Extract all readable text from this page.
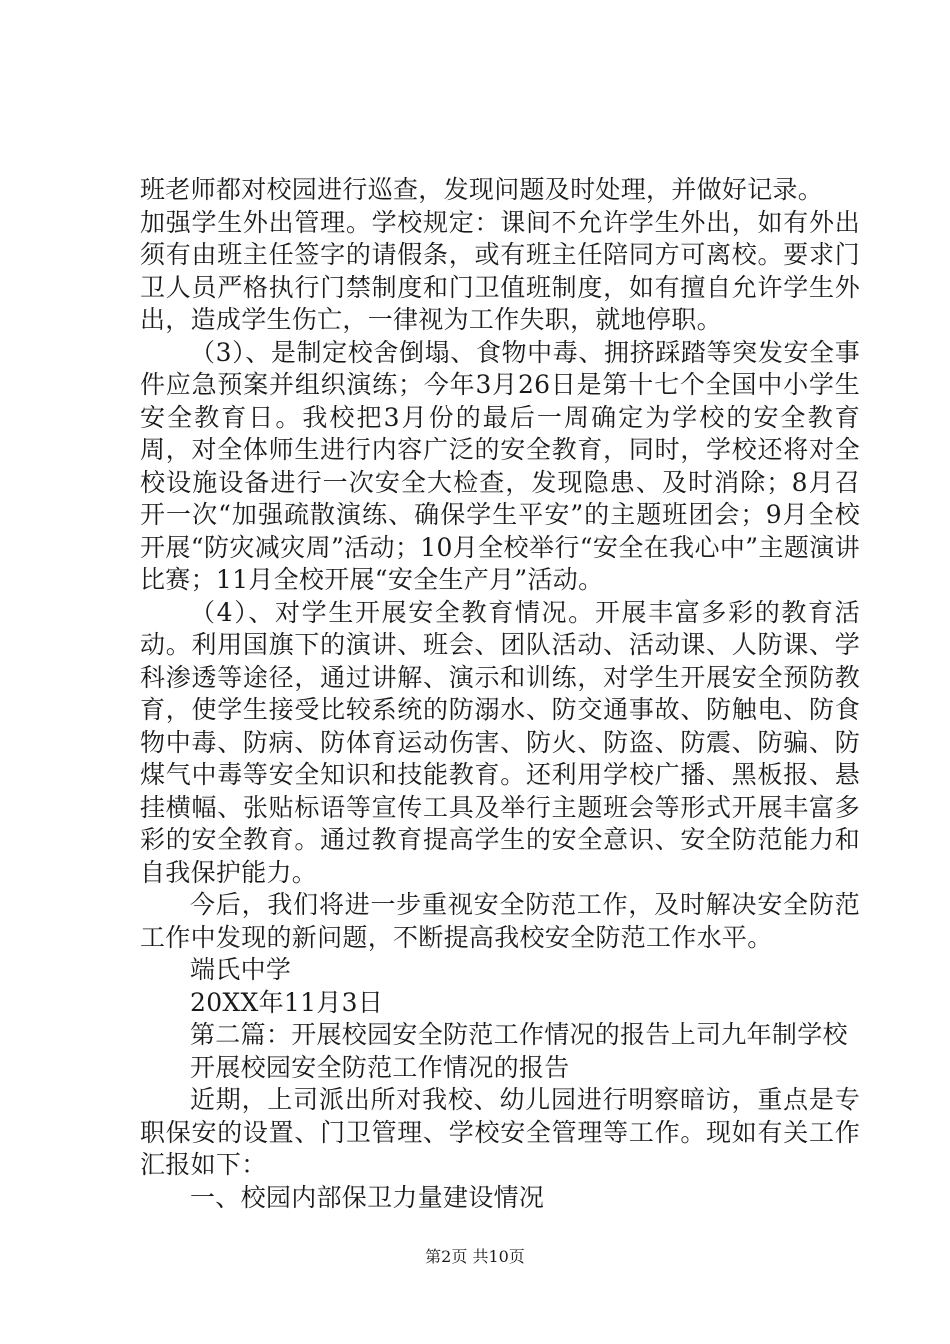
班老师都对校园进行巡查，发现问题及时处理，并做好记录。

加强学生外出管理。学校规定：课间不允许学生外出，如有外出须有由班主任签字的请假条，或有班主任陪同方可离校。要求门卫人员严格执行门禁制度和门卫值班制度，如有擅自允许学生外出，造成学生伤亡，一律视为工作失职，就地停职。

（3）、是制定校舍倒塌、食物中毒、拥挤踩踏等突发安全事件应急预案并组织演练；今年3月26日是第十七个全国中小学生安全教育日。我校把3月份的最后一周确定为学校的安全教育周，对全体师生进行内容广泛的安全教育，同时，学校还将对全校设施设备进行一次安全大检查，发现隐患、及时消除；8月召开一次“加强疏散演练、确保学生平安”的主题班团会；9月全校开展“防灾减灾周”活动；10月全校举行“安全在我心中”主题演讲比赛；11月全校开展“安全生产月”活动。

（4）、对学生开展安全教育情况。开展丰富多彩的教育活动。利用国旗下的演讲、班会、团队活动、活动课、人防课、学科渗透等途径，通过讲解、演示和训练，对学生开展安全预防教育，使学生接受比较系统的防溺水、防交通事故、防触电、防食物中毒、防病、防体育运动伤害、防火、防盗、防震、防骗、防煤气中毒等安全知识和技能教育。还利用学校广播、黑板报、悬挂横幅、张贴标语等宣传工具及举行主题班会等形式开展丰富多彩的安全教育。通过教育提高学生的安全意识、安全防范能力和自我保护能力。

今后，我们将进一步重视安全防范工作，及时解决安全防范工作中发现的新问题，不断提高我校安全防范工作水平。

端氏中学

20XX年11月3日

第二篇：开展校园安全防范工作情况的报告上司九年制学校

开展校园安全防范工作情况的报告

近期，上司派出所对我校、幼儿园进行明察暗访，重点是专职保安的设置、门卫管理、学校安全管理等工作。现如有关工作汇报如下：

一、校园内部保卫力量建设情况

第2页 共10页
